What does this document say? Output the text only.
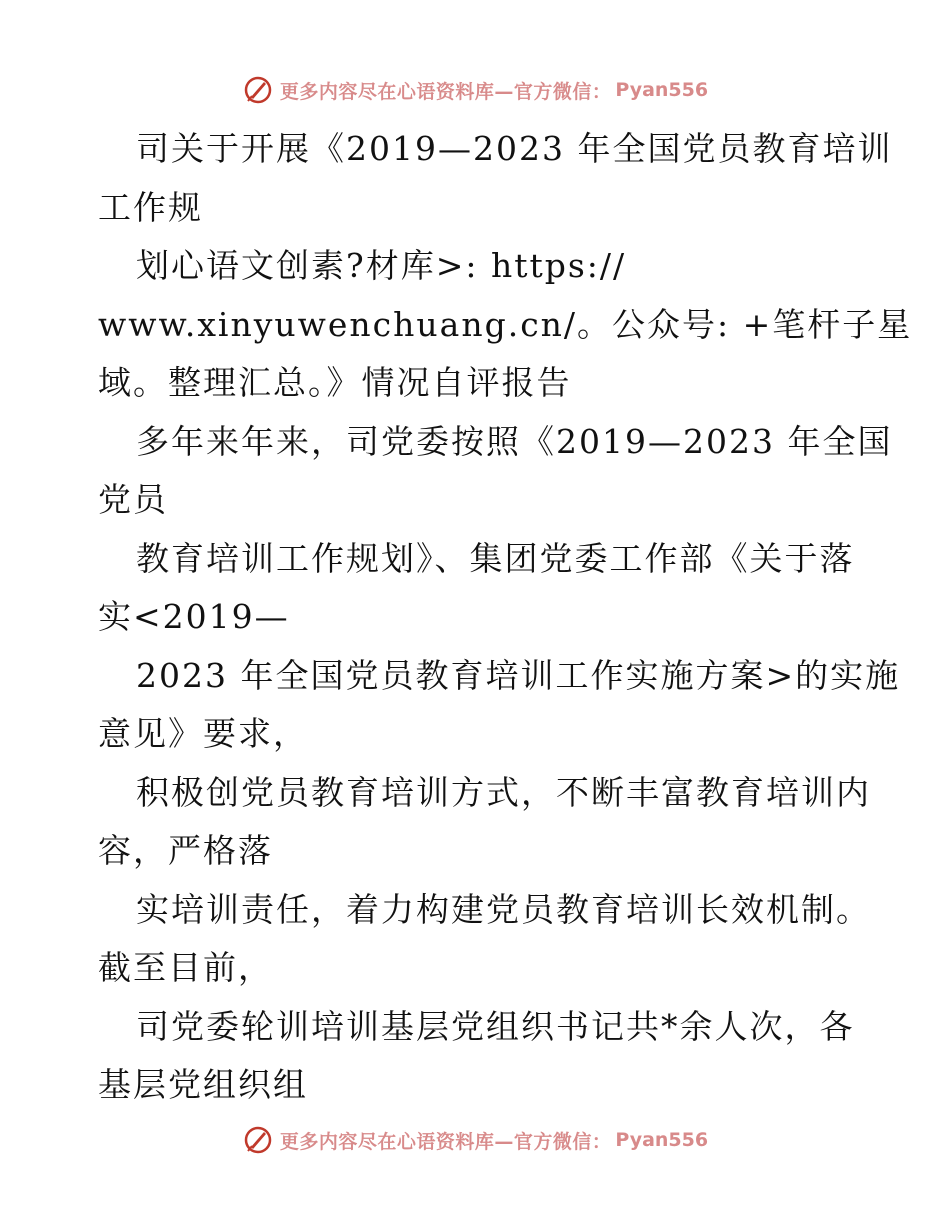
更多内容尽在心语资料库—官方微信： Pyan556
司关于开展《2019—2023 年全国党员教育培训
工作规
划心语文创素?材库>: https://
www.xinyuwenchuang.cn/。公众号: +笔杆子星
域。整理汇总。》情况自评报告
多年来年来，司党委按照《2019—2023 年全国
党员
教育培训工作规划》、集团党委工作部《关于落
实<2019—
2023 年全国党员教育培训工作实施方案>的实施
意见》要求，
积极创党员教育培训方式，不断丰富教育培训内
容，严格落
实培训责任，着力构建党员教育培训长效机制。
截至目前，
司党委轮训培训基层党组织书记共*余人次，各
基层党组织组
更多内容尽在心语资料库—官方微信： Pyan556
